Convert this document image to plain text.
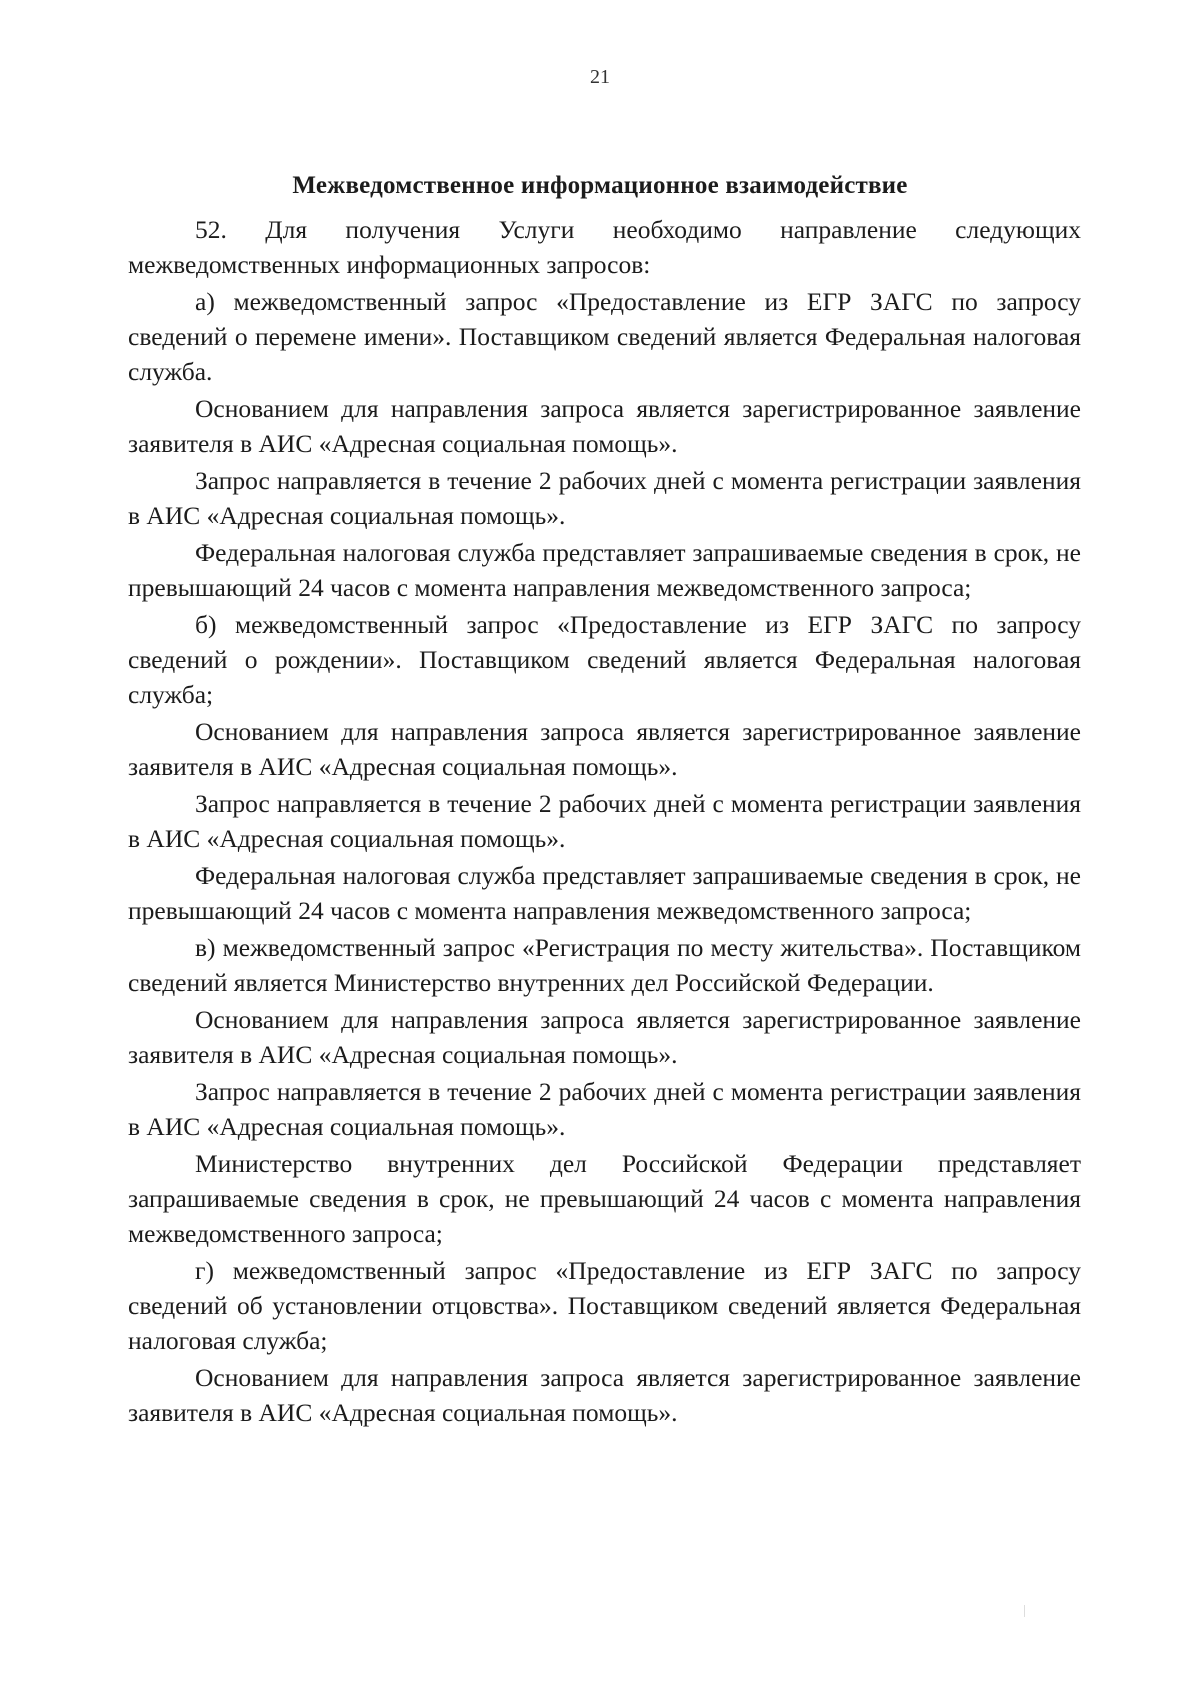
21
Межведомственное информационное взаимодействие

52. Для получения Услуги необходимо направление следующих межведомственных информационных запросов:

а) межведомственный запрос «Предоставление из ЕГР ЗАГС по запросу сведений о перемене имени». Поставщиком сведений является Федеральная налоговая служба.

Основанием для направления запроса является зарегистрированное заявление заявителя в АИС «Адресная социальная помощь».

Запрос направляется в течение 2 рабочих дней с момента регистрации заявления в АИС «Адресная социальная помощь».

Федеральная налоговая служба представляет запрашиваемые сведения в срок, не превышающий 24 часов с момента направления межведомственного запроса;

б) межведомственный запрос «Предоставление из ЕГР ЗАГС по запросу сведений о рождении». Поставщиком сведений является Федеральная налоговая служба;

Основанием для направления запроса является зарегистрированное заявление заявителя в АИС «Адресная социальная помощь».

Запрос направляется в течение 2 рабочих дней с момента регистрации заявления в АИС «Адресная социальная помощь».

Федеральная налоговая служба представляет запрашиваемые сведения в срок, не превышающий 24 часов с момента направления межведомственного запроса;

в) межведомственный запрос «Регистрация по месту жительства». Поставщиком сведений является Министерство внутренних дел Российской Федерации.

Основанием для направления запроса является зарегистрированное заявление заявителя в АИС «Адресная социальная помощь».

Запрос направляется в течение 2 рабочих дней с момента регистрации заявления в АИС «Адресная социальная помощь».

Министерство внутренних дел Российской Федерации представляет запрашиваемые сведения в срок, не превышающий 24 часов с момента направления межведомственного запроса;

г) межведомственный запрос «Предоставление из ЕГР ЗАГС по запросу сведений об установлении отцовства». Поставщиком сведений является Федеральная налоговая служба;

Основанием для направления запроса является зарегистрированное заявление заявителя в АИС «Адресная социальная помощь».
